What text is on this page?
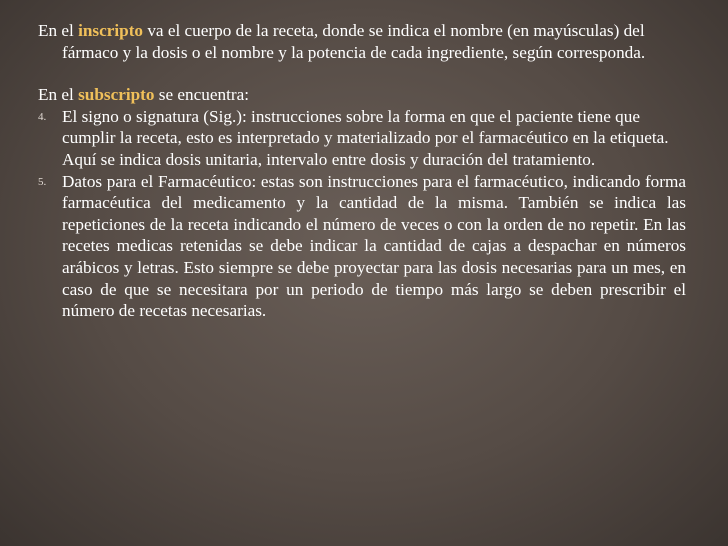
En el inscripto va el cuerpo de la receta, donde se indica el nombre (en mayúsculas) del fármaco y la dosis o el nombre y la potencia de cada ingrediente, según corresponda.

En el subscripto se encuentra:

4. El signo o signatura (Sig.): instrucciones sobre la forma en que el paciente tiene que cumplir la receta, esto es interpretado y materializado por el farmacéutico en la etiqueta. Aquí se indica dosis unitaria, intervalo entre dosis y duración del tratamiento.
5. Datos para el Farmacéutico: estas son instrucciones para el farmacéutico, indicando forma farmacéutica del medicamento y la cantidad de la misma. También se indica las repeticiones de la receta indicando el número de veces o con la orden de no repetir. En las recetes medicas retenidas se debe indicar la cantidad de cajas a despachar en números arábicos y letras. Esto siempre se debe proyectar para las dosis necesarias para un mes, en caso de que se necesitara por un periodo de tiempo más largo se deben prescribir el número de recetas necesarias.
